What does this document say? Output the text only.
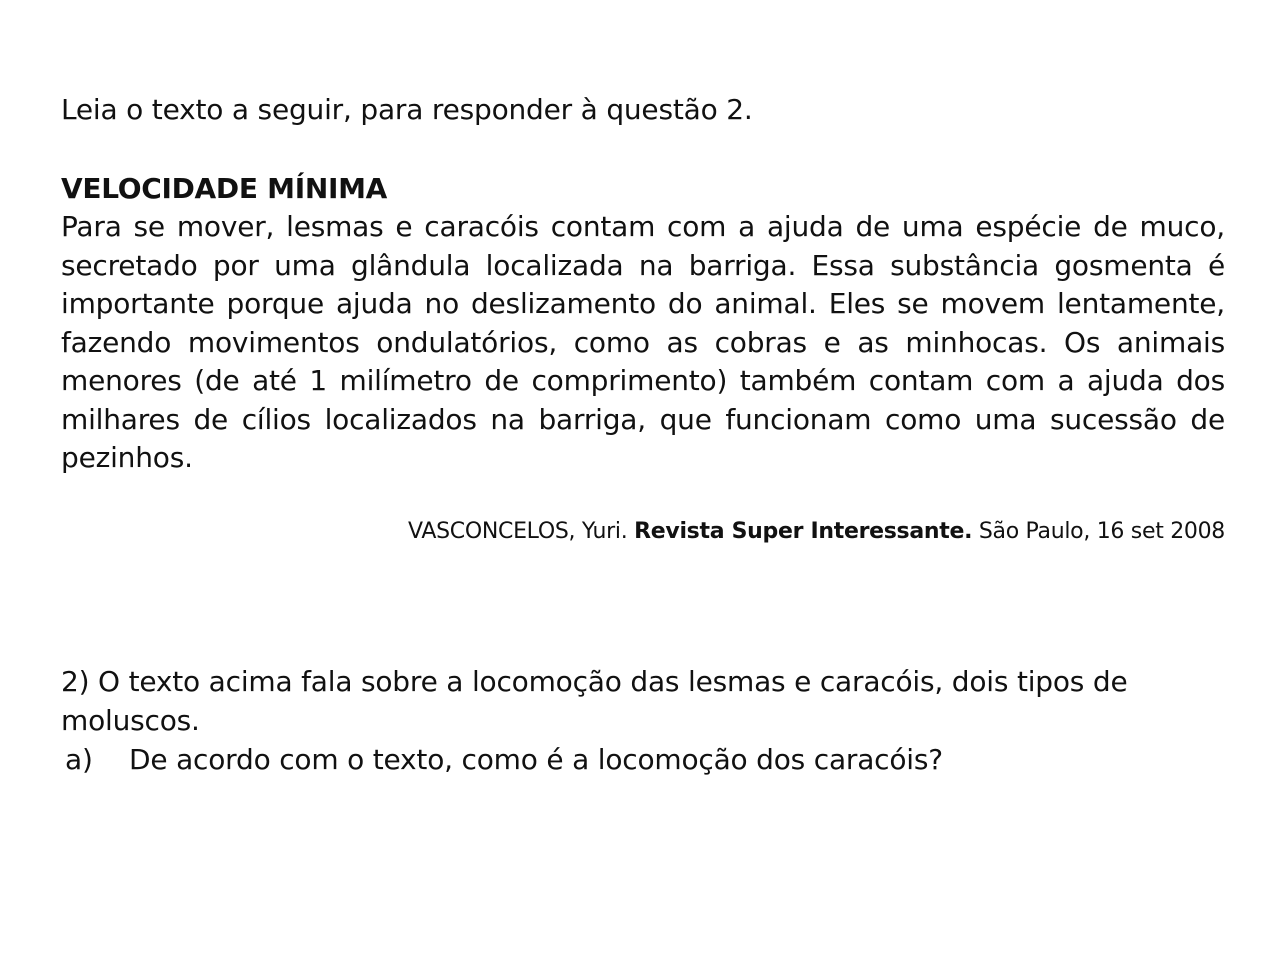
Leia o texto a seguir, para responder à questão 2.

VELOCIDADE MÍNIMA

Para se mover, lesmas e caracóis contam com a ajuda de uma espécie de muco, secretado por uma glândula localizada na barriga. Essa substância gosmenta é importante porque ajuda no deslizamento do animal. Eles se movem lentamente, fazendo movimentos ondulatórios, como as cobras e as minhocas. Os animais menores (de até 1 milímetro de comprimento) também contam com a ajuda dos milhares de cílios localizados na barriga, que funcionam como uma sucessão de pezinhos.

VASCONCELOS, Yuri. Revista Super Interessante. São Paulo, 16 set 2008

2) O texto acima fala sobre a locomoção das lesmas e caracóis, dois tipos de moluscos.

a)	De acordo com o texto, como é a locomoção dos caracóis?
